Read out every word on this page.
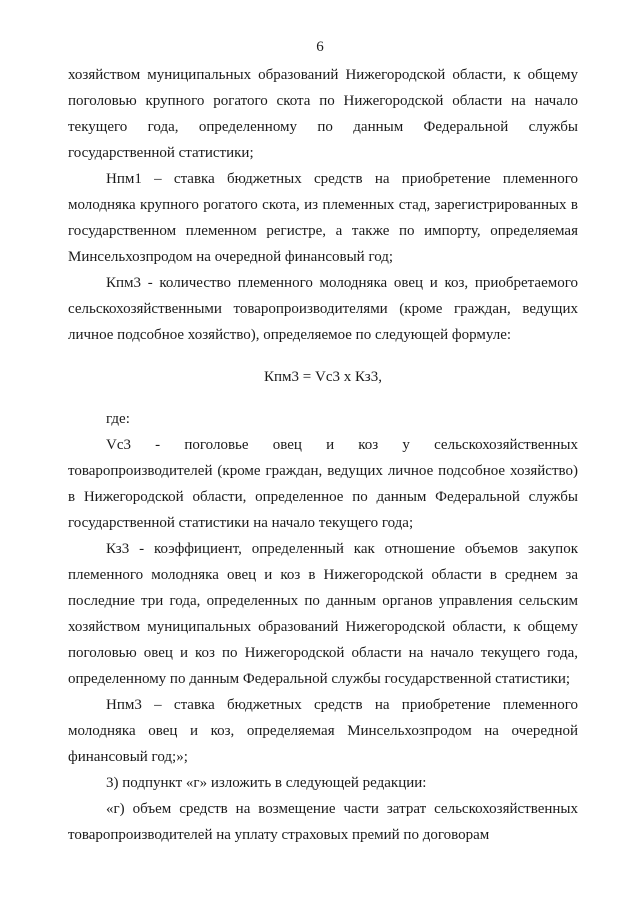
6

хозяйством муниципальных образований Нижегородской области, к общему поголовью крупного рогатого скота по Нижегородской области на начало текущего года, определенному по данным Федеральной службы государственной статистики;

Нпм1 – ставка бюджетных средств на приобретение племенного молодняка крупного рогатого скота, из племенных стад, зарегистрированных в государственном племенном регистре, а также по импорту, определяемая Минсельхозпродом на очередной финансовый год;

Кпм3 - количество племенного молодняка овец и коз, приобретаемого сельскохозяйственными товаропроизводителями (кроме граждан, ведущих личное подсобное хозяйство), определяемое по следующей формуле:

Кпм3 = Vс3 х Кз3,

где:

Vс3 - поголовье овец и коз у сельскохозяйственных товаропроизводителей (кроме граждан, ведущих личное подсобное хозяйство) в Нижегородской области, определенное по данным Федеральной службы государственной статистики на начало текущего года;

Кз3 - коэффициент, определенный как отношение объемов закупок племенного молодняка овец и коз в Нижегородской области в среднем за последние три года, определенных по данным органов управления сельским хозяйством муниципальных образований Нижегородской области, к общему поголовью овец и коз по Нижегородской области на начало текущего года, определенному по данным Федеральной службы государственной статистики;

Нпм3 – ставка бюджетных средств на приобретение племенного молодняка овец и коз, определяемая Минсельхозпродом на очередной финансовый год;»;

3) подпункт «г» изложить в следующей редакции:

«г) объем средств на возмещение части затрат сельскохозяйственных товаропроизводителей на уплату страховых премий по договорам
